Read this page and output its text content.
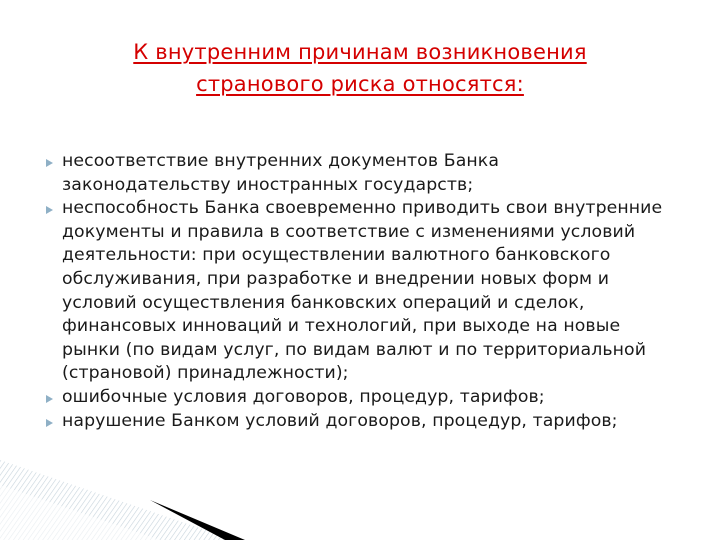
К внутренним причинам возникновения
странового риска относятся:
несоответствие внутренних документов Банка законодательству иностранных государств;
неспособность Банка своевременно приводить свои внутренние документы и правила в соответствие с изменениями условий деятельности: при осуществлении валютного банковского обслуживания, при разработке и внедрении новых форм и условий осуществления банковских операций и сделок, финансовых инноваций и технологий, при выходе на новые рынки (по видам услуг, по видам валют и по территориальной (страновой) принадлежности);
ошибочные условия договоров, процедур, тарифов;
нарушение Банком условий договоров, процедур, тарифов;
